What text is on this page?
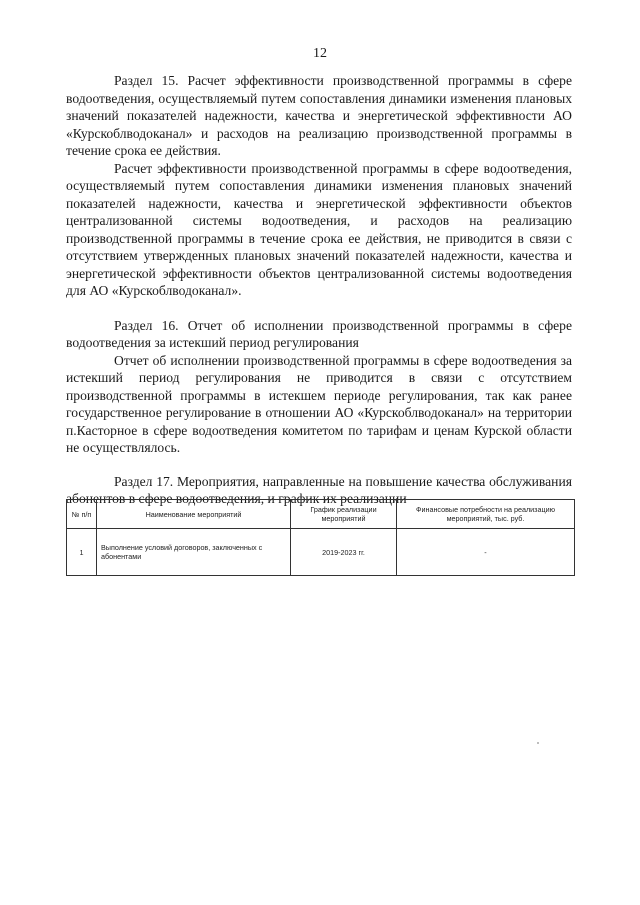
12

Раздел 15. Расчет эффективности производственной программы в сфере водоотведения, осуществляемый путем сопоставления динамики изменения плановых значений показателей надежности, качества и энергетической эффективности АО «Курскоблводоканал» и расходов на реализацию производственной программы в течение срока ее действия.

Расчет эффективности производственной программы в сфере водоотведения, осуществляемый путем сопоставления динамики изменения плановых значений показателей надежности, качества и энергетической эффективности объектов централизованной системы водоотведения, и расходов на реализацию производственной программы в течение срока ее действия, не приводится в связи с отсутствием утвержденных плановых значений показателей надежности, качества и энергетической эффективности объектов централизованной системы водоотведения для АО «Курскоблводоканал».

Раздел 16. Отчет об исполнении производственной программы в сфере водоотведения за истекший период регулирования

Отчет об исполнении производственной программы в сфере водоотведения за истекший период регулирования не приводится в связи с отсутствием производственной программы в истекшем периоде регулирования, так как ранее государственное регулирование в отношении АО «Курскоблводоканал» на территории п.Касторное в сфере водоотведения комитетом по тарифам и ценам Курской области не осуществлялось.

Раздел 17. Мероприятия, направленные на повышение качества обслуживания абонентов в сфере водоотведения, и график их реализации

№ п/п	Наименование мероприятий	График реализации мероприятий	Финансовые потребности на реализацию мероприятий, тыс. руб.
1	Выполнение условий договоров, заключенных с абонентами	2019-2023 гг.	-
